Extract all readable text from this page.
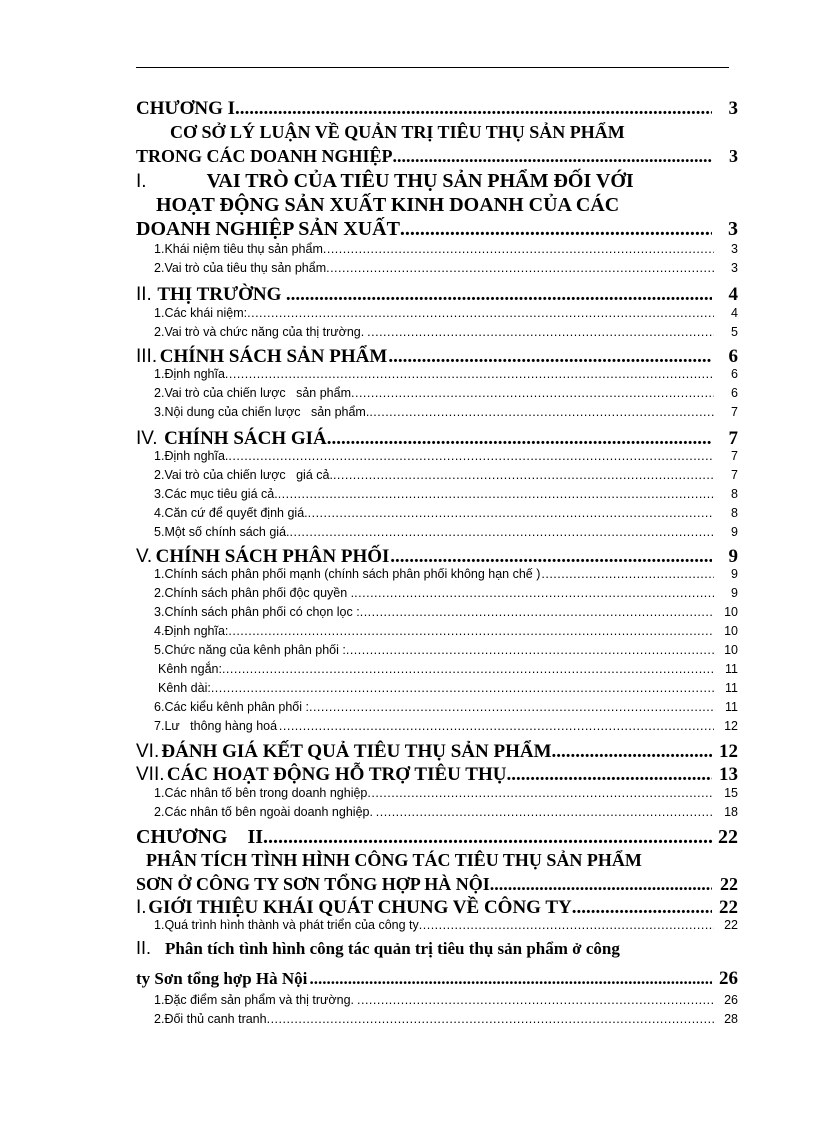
CHƯƠNG I .....	3
CƠ SỞ LÝ LUẬN VỀ QUẢN TRỊ TIÊU THỤ SẢN PHẨM
TRONG CÁC DOANH NGHIỆP .....	3
I.	VAI TRÒ CỦA TIÊU THỤ SẢN PHẨM ĐỐI VỚI
HOẠT ĐỘNG SẢN XUẤT KINH DOANH CỦA CÁC
DOANH NGHIỆP SẢN XUẤT .....	3
1. Khái niệm tiêu thụ sản phẩm .....	3
2. Vai trò của tiêu thụ sản phẩm .....	3
II. THỊ TRƯỜNG .....	4
1. Các khái niệm: .....	4
2. Vai trò và chức năng của thị trường. .....	5
III. CHÍNH SÁCH SẢN PHẨM .....	6
1. Định nghĩa .....	6
2. Vai trò của chiến lược   sản phẩm .....	6
3. Nội dung của chiến lược   sản phẩm. .....	7
IV. CHÍNH SÁCH GIÁ. .....	7
1. Định nghĩa. .....	7
2. Vai trò của chiến lược   giá cả. .....	7
3. Các mục tiêu giá cả. .....	8
4. Căn cứ để quyết định giá. .....	8
5. Một số chính sách giá. .....	9
V. CHÍNH SÁCH PHÂN PHỐI .....	9
1. Chính sách phân phối mạnh (chính sách phân phối không hạn chế ) .....	9
2. Chính sách phân phối độc quyền . .....	9
3. Chính sách phân phối có chọn lọc : .....	10
4. Định nghĩa: .....	10
5. Chức năng của kênh phân phối : .....	10
Kênh ngắn: .....	11
Kênh dài: .....	11
6. Các kiểu kênh phân phối : .....	11
7. Lư   thông hàng hoá .....	12
VI. ĐÁNH GIÁ KẾT QUẢ TIÊU THỤ SẢN PHẨM. .....	12
VII. CÁC HOẠT ĐỘNG HỖ TRỢ TIÊU THỤ. .....	13
1. Các nhân tố bên trong doanh nghiệp .....	15
2. Các nhân tố bên ngoài doanh nghiệp. .....	18
CHƯƠNG    II .....	22
PHÂN TÍCH TÌNH HÌNH CÔNG TÁC TIÊU THỤ SẢN PHẨM
SƠN Ở CÔNG TY SƠN TỔNG HỢP HÀ NỘI .....	22
I. GIỚI THIỆU KHÁI QUÁT CHUNG VỀ CÔNG TY .....	22
1. Quá trình hình thành và phát triển của công ty .....	22
II. Phân tích tình hình công tác quản trị tiêu thụ sản phẩm ở công
ty Sơn tổng hợp Hà Nội .....	26
1. Đặc điểm sản phẩm và thị trường. .....	26
2. Đối thủ canh tranh .....	28
